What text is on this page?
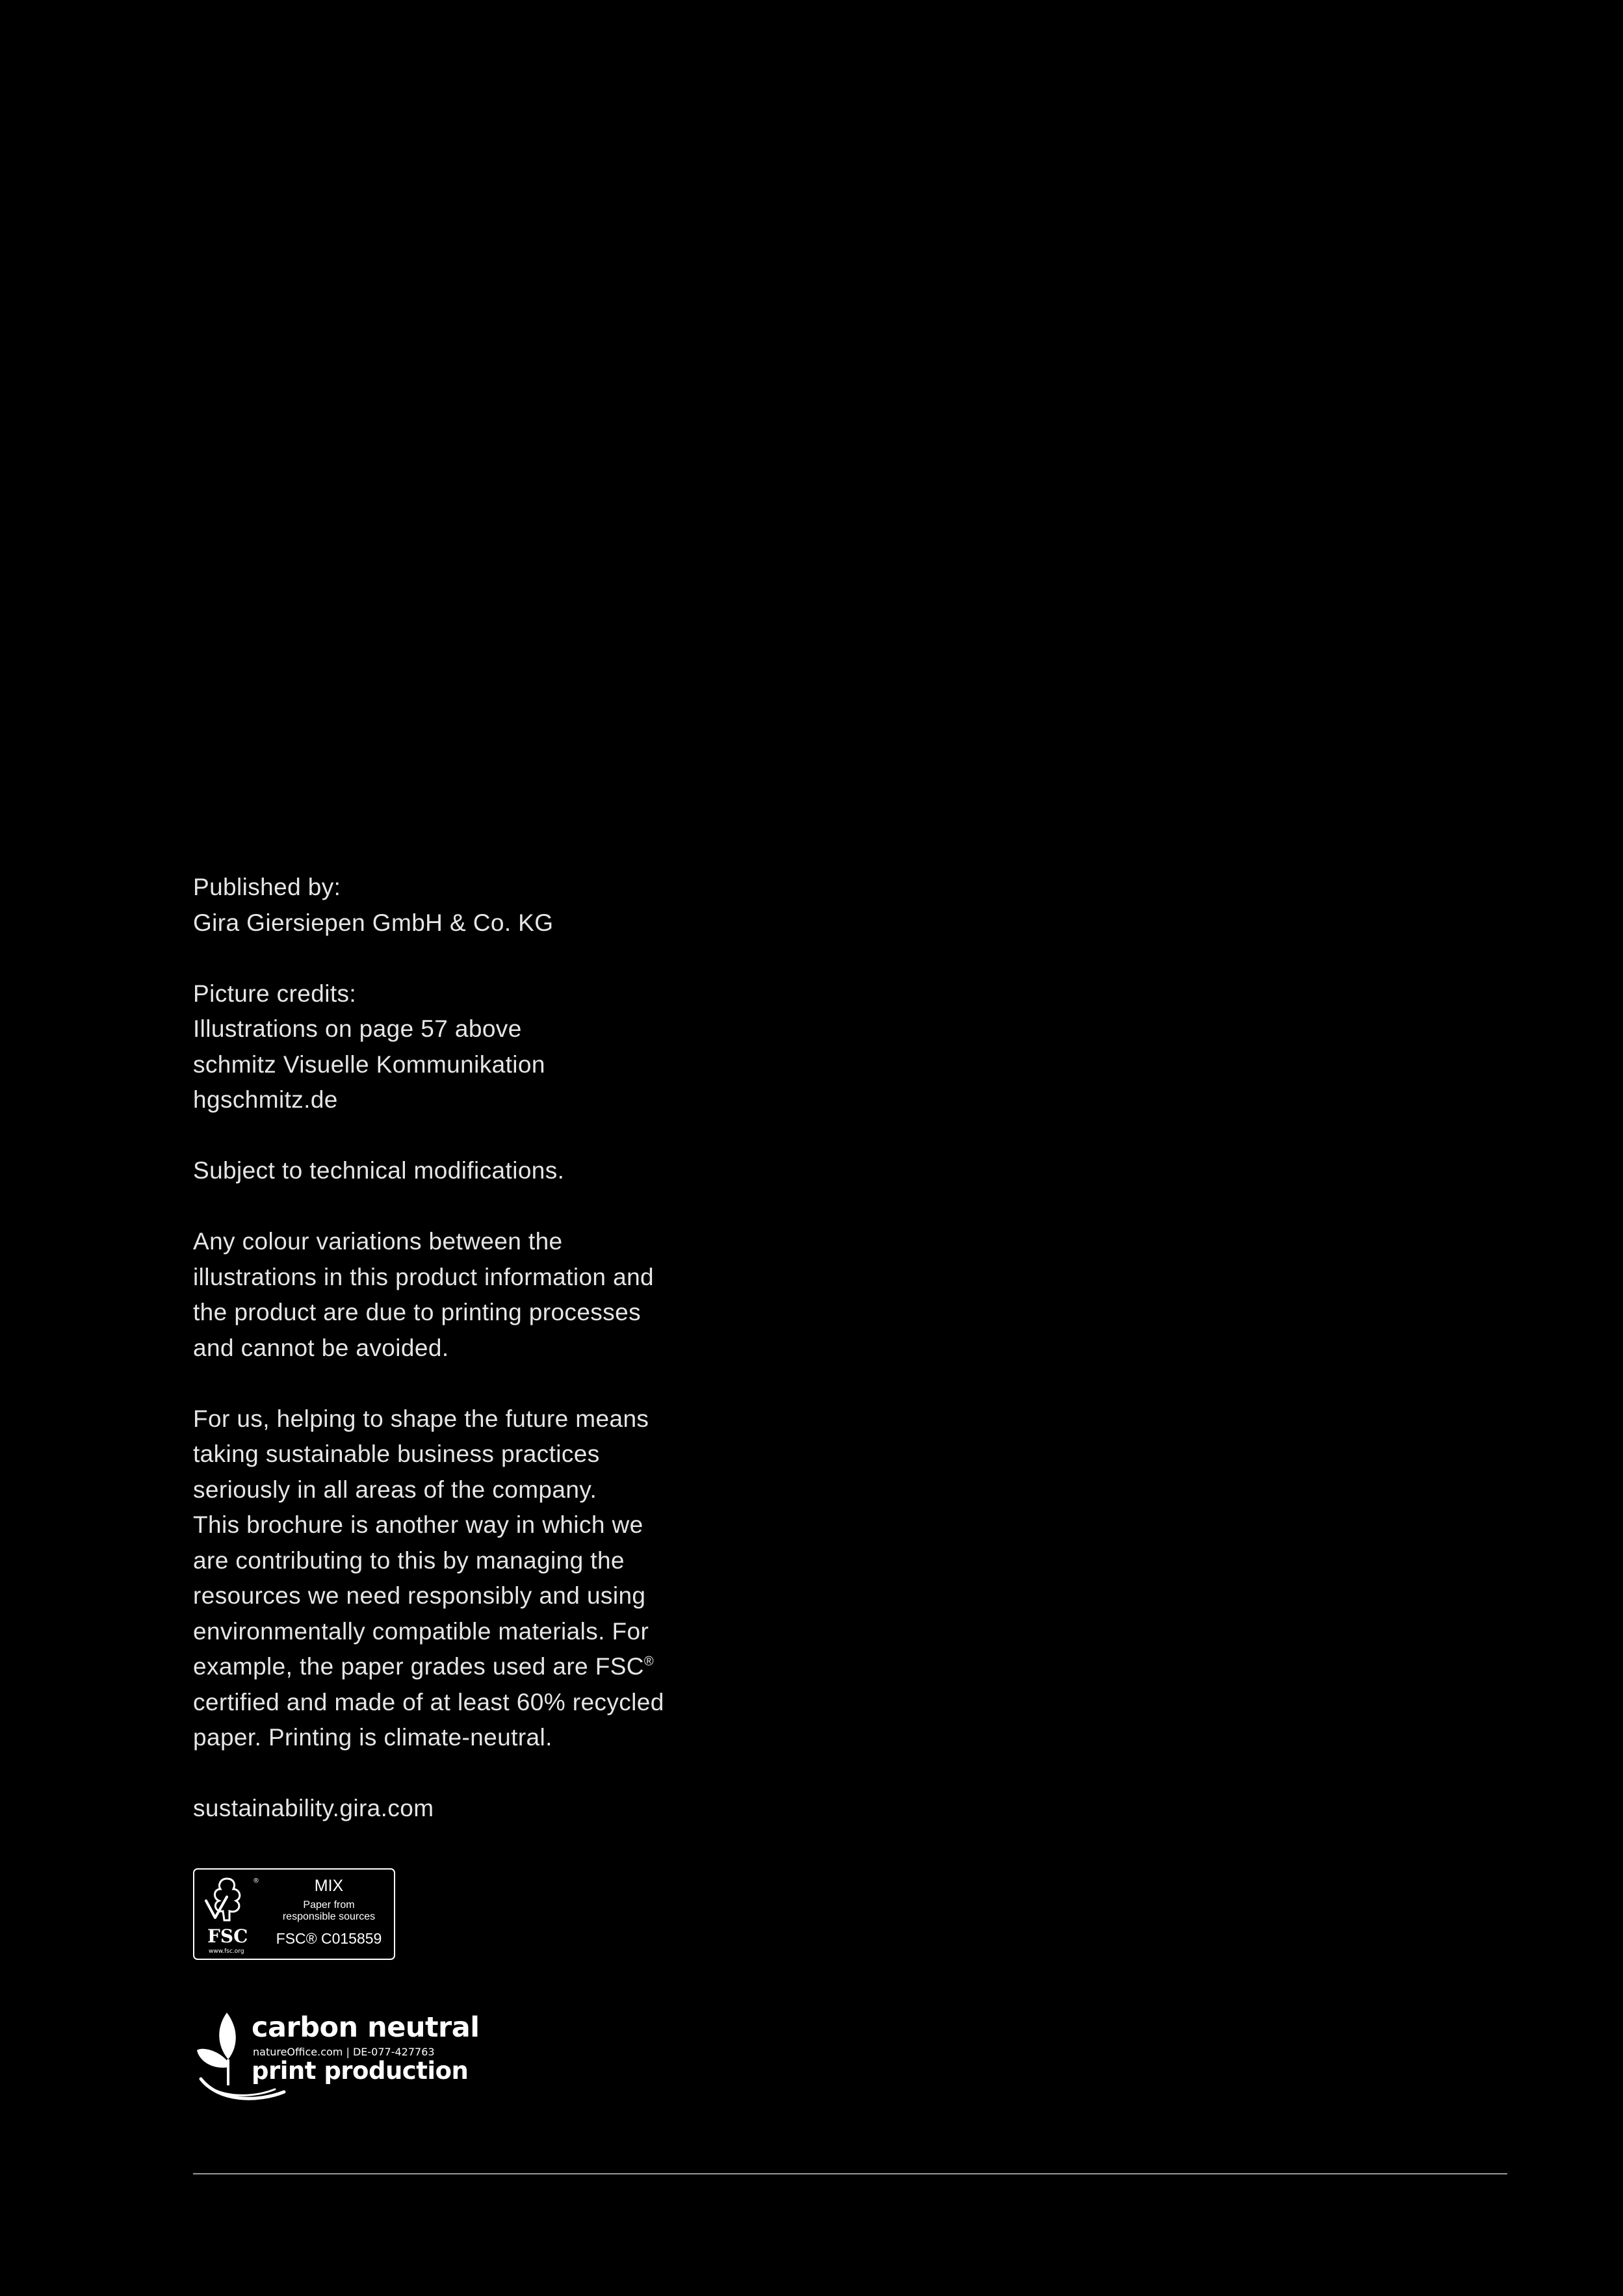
Published by:
Gira Giersiepen GmbH & Co. KG
Picture credits:
Illustrations on page 57 above
schmitz Visuelle Kommunikation
hgschmitz.de
Subject to technical modifications.
Any colour variations between the
illustrations in this product information and
the product are due to printing processes
and cannot be avoided.
For us, helping to shape the future means
taking sustainable business practices
seriously in all areas of the company.
This brochure is another way in which we
are contributing to this by managing the
resources we need responsibly and using
environmentally compatible materials. For
example, the paper grades used are FSC®
certified and made of at least 60% recycled
paper. Printing is climate-neutral.
sustainability.gira.com
®
FSC
www.fsc.org
MIX
Paper from
responsible sources
FSC® C015859
carbon neutral
natureOffice.com | DE-077-427763
print production
